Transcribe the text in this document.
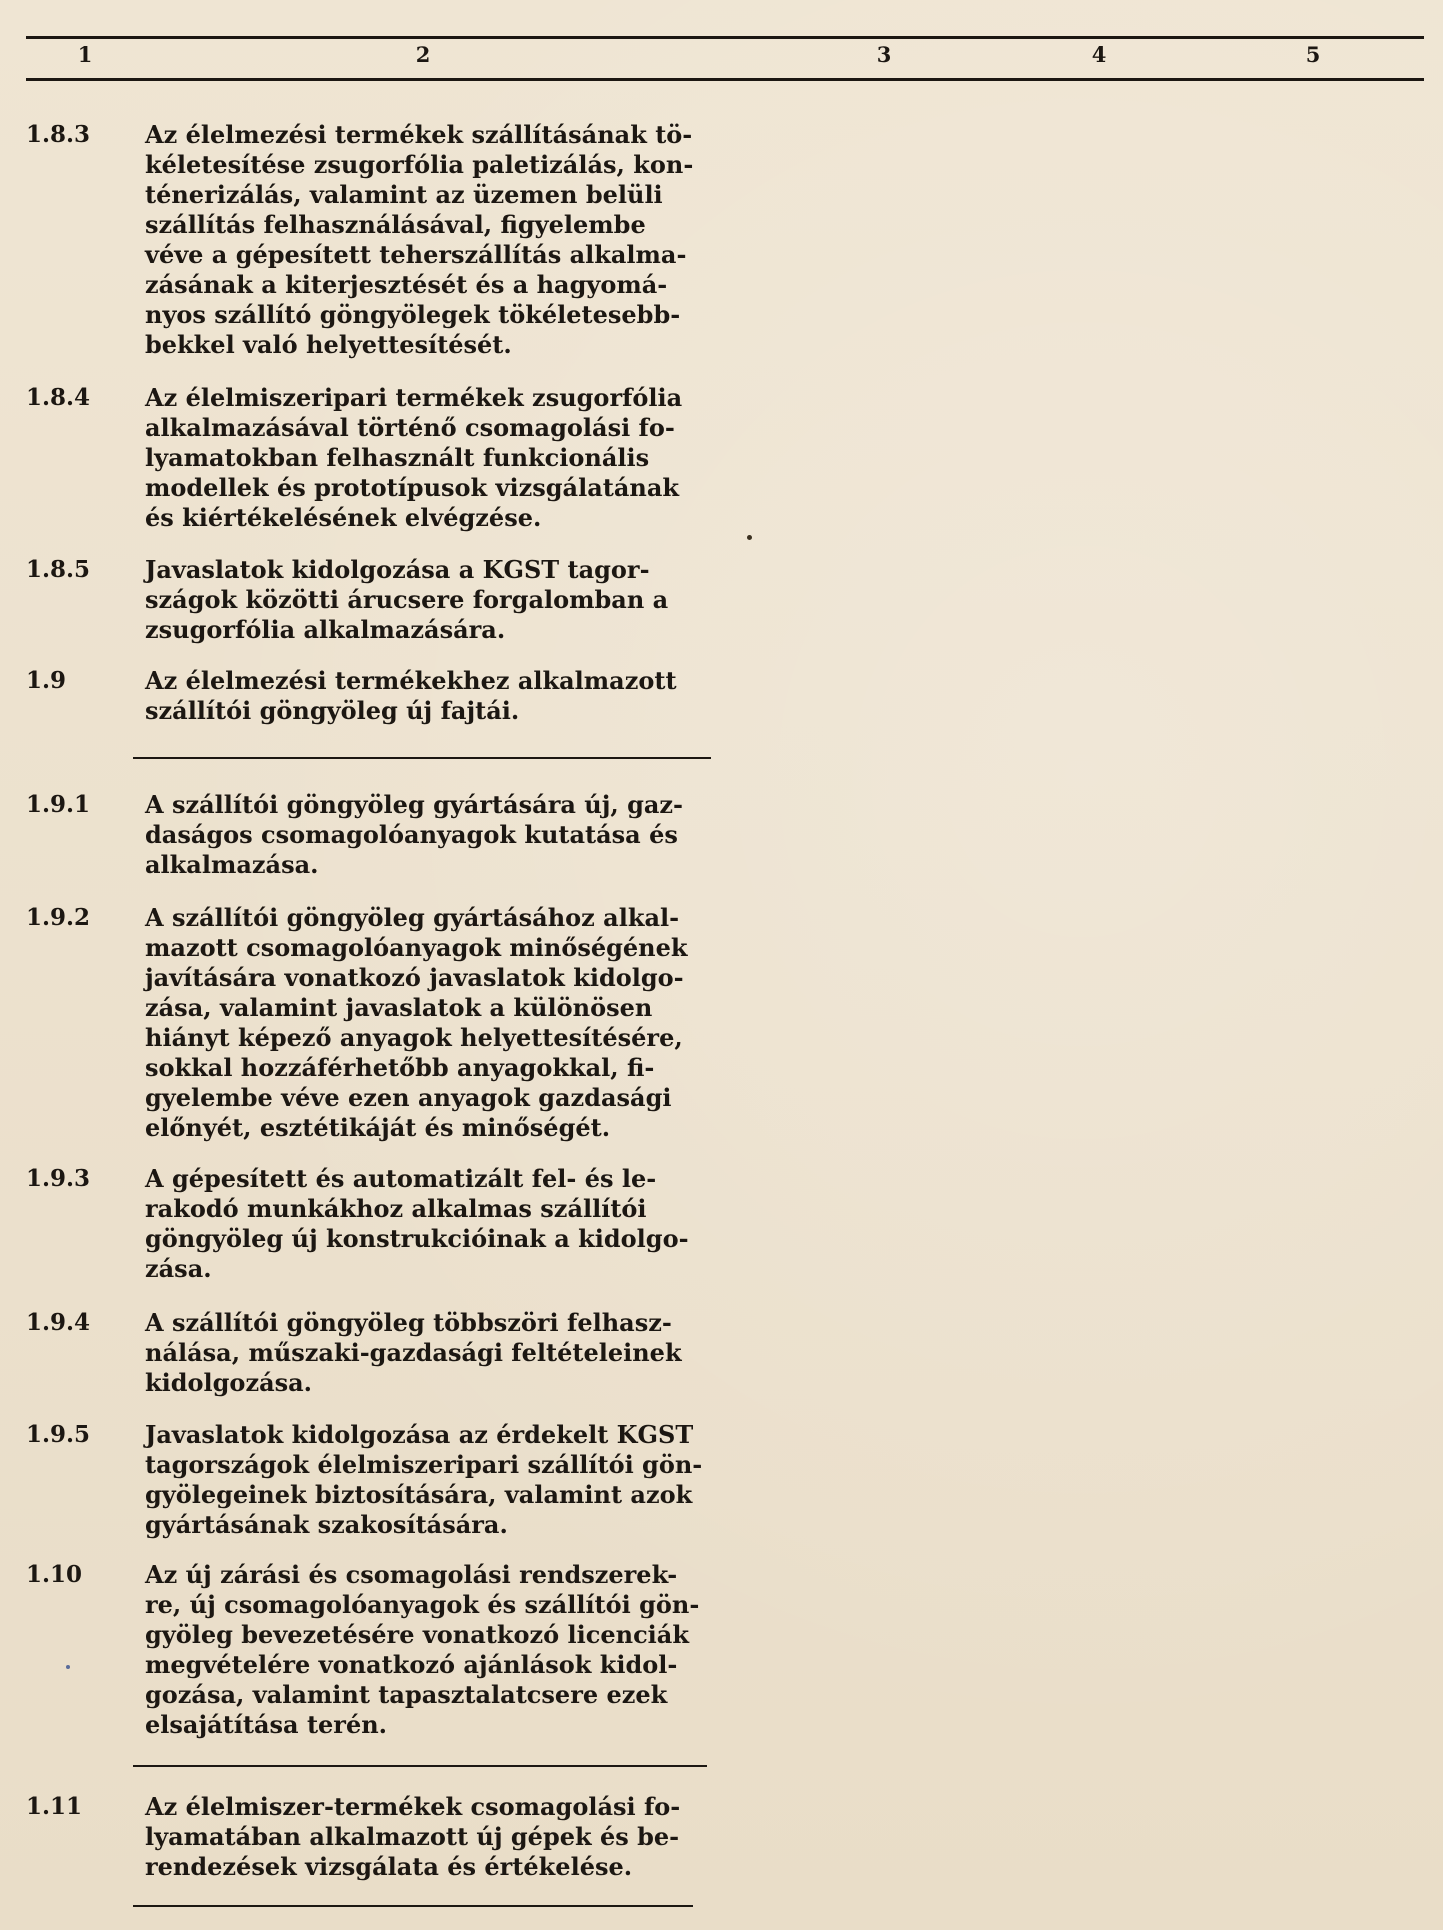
1	2	3	4	5
1.8.3 Az élelmezési termékek szállításának tö-
kéletesítése zsugorfólia paletizálás, kon-
ténerizálás, valamint az üzemen belüli
szállítás felhasználásával, figyelembe
véve a gépesített teherszállítás alkalma-
zásának a kiterjesztését és a hagyomá-
nyos szállító göngyölegek tökéletesebb-
bekkel való helyettesítését.
1.8.4 Az élelmiszeripari termékek zsugorfólia
alkalmazásával történő csomagolási fo-
lyamatokban felhasznált funkcionális
modellek és prototípusok vizsgálatának
és kiértékelésének elvégzése.
1.8.5 Javaslatok kidolgozása a KGST tagor-
szágok közötti árucsere forgalomban a
zsugorfólia alkalmazására.
1.9	Az élelmezési termékekhez alkalmazott
szállítói göngyöleg új fajtái.
1.9.1 A szállítói göngyöleg gyártására új, gaz-
daságos csomagolóanyagok kutatása és
alkalmazása.
1.9.2 A szállítói göngyöleg gyártásához alkal-
mazott csomagolóanyagok minőségének
javítására vonatkozó javaslatok kidolgo-
zása, valamint javaslatok a különösen
hiányt képező anyagok helyettesítésére,
sokkal hozzáférhetőbb anyagokkal, fi-
gyelembe véve ezen anyagok gazdasági
előnyét, esztétikáját és minőségét.
1.9.3 A gépesített és automatizált fel- és le-
rakodó munkákhoz alkalmas szállítói
göngyöleg új konstrukcióinak a kidolgo-
zása.
1.9.4 A szállítói göngyöleg többszöri felhasz-
nálása, műszaki-gazdasági feltételeinek
kidolgozása.
1.9.5 Javaslatok kidolgozása az érdekelt KGST
tagországok élelmiszeripari szállítói gön-
gyölegeinek biztosítására, valamint azok
gyártásának szakosítására.
1.10	Az új zárási és csomagolási rendszerek-
re, új csomagolóanyagok és szállítói gön-
gyöleg bevezetésére vonatkozó licenciák
megvételére vonatkozó ajánlások kidol-
gozása, valamint tapasztalatcsere ezek
elsajátítása terén.
1.11	Az élelmiszer-termékek csomagolási fo-
lyamatában alkalmazott új gépek és be-
rendezések vizsgálata és értékelése.
